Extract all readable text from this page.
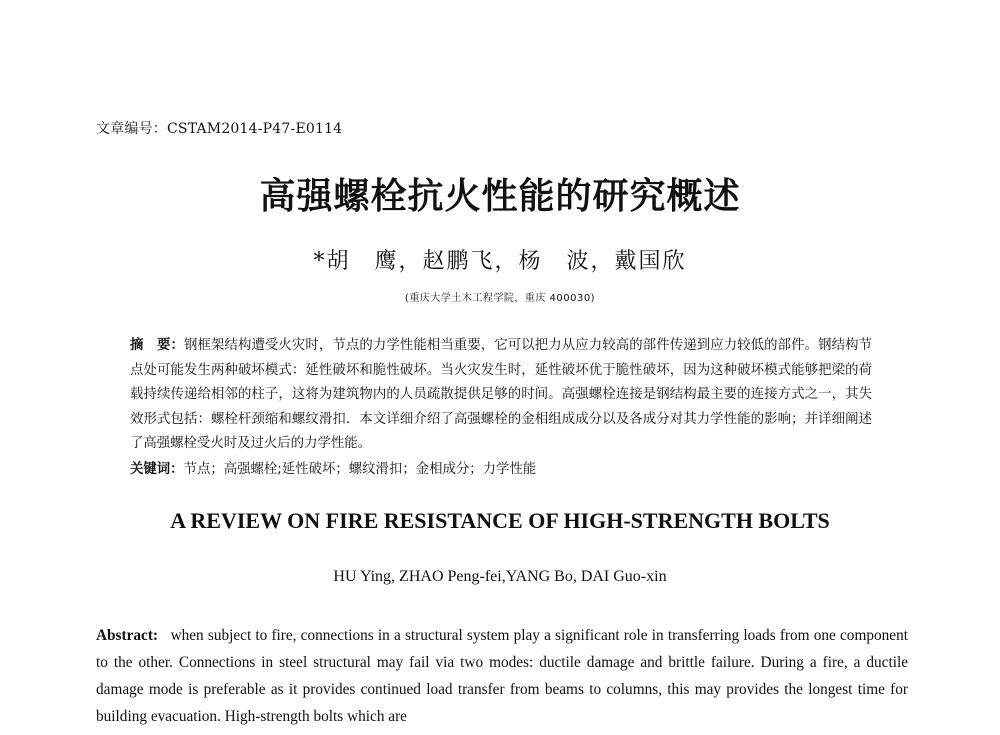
文章编号：CSTAM2014-P47-E0114
高强螺栓抗火性能的研究概述
*胡　鹰，赵鹏飞，杨　波，戴国欣
(重庆大学土木工程学院，重庆 400030)
摘　要：钢框架结构遭受火灾时，节点的力学性能相当重要，它可以把力从应力较高的部件传递到应力较低的部件。钢结构节点处可能发生两种破坏模式：延性破坏和脆性破坏。当火灾发生时，延性破坏优于脆性破坏，因为这种破坏模式能够把梁的荷载持续传递给相邻的柱子，这将为建筑物内的人员疏散提供足够的时间。高强螺栓连接是钢结构最主要的连接方式之一，其失效形式包括：螺栓杆颈缩和螺纹滑扣．本文详细介绍了高强螺栓的金相组成成分以及各成分对其力学性能的影响；并详细阐述了高强螺栓受火时及过火后的力学性能。
关键词：节点；高强螺栓;延性破坏；螺纹滑扣；金相成分；力学性能
A REVIEW ON FIRE RESISTANCE OF HIGH-STRENGTH BOLTS
HU Ying, ZHAO Peng-fei,YANG Bo, DAI Guo-xin
Abstract: when subject to fire, connections in a structural system play a significant role in transferring loads from one component to the other. Connections in steel structural may fail via two modes: ductile damage and brittle failure. During a fire, a ductile damage mode is preferable as it provides continued load transfer from beams to columns, this may provides the longest time for building evacuation. High-strength bolts which are
